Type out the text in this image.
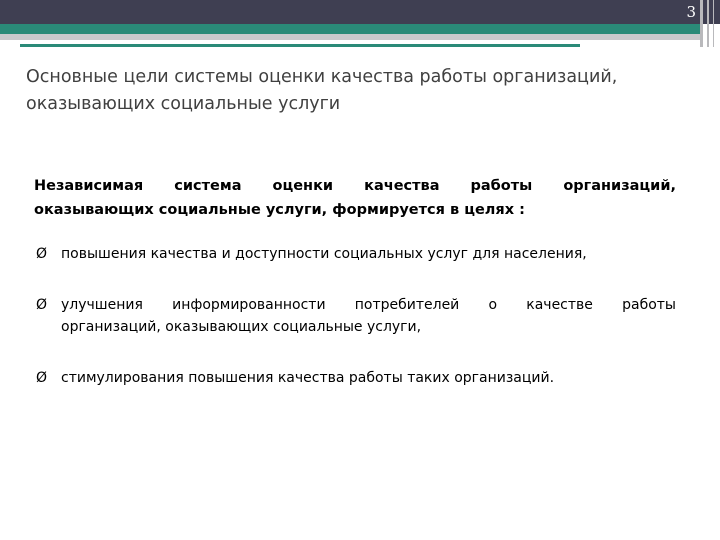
3
Основные цели системы оценки качества работы организаций, оказывающих социальные услуги
Независимая система оценки качества работы организаций,
оказывающих социальные услуги, формируется в целях :
Ø повышения качества и доступности социальных услуг для населения,
Ø улучшения информированности потребителей о качестве работы
организаций, оказывающих социальные услуги,
Ø стимулирования повышения качества работы таких организаций.
